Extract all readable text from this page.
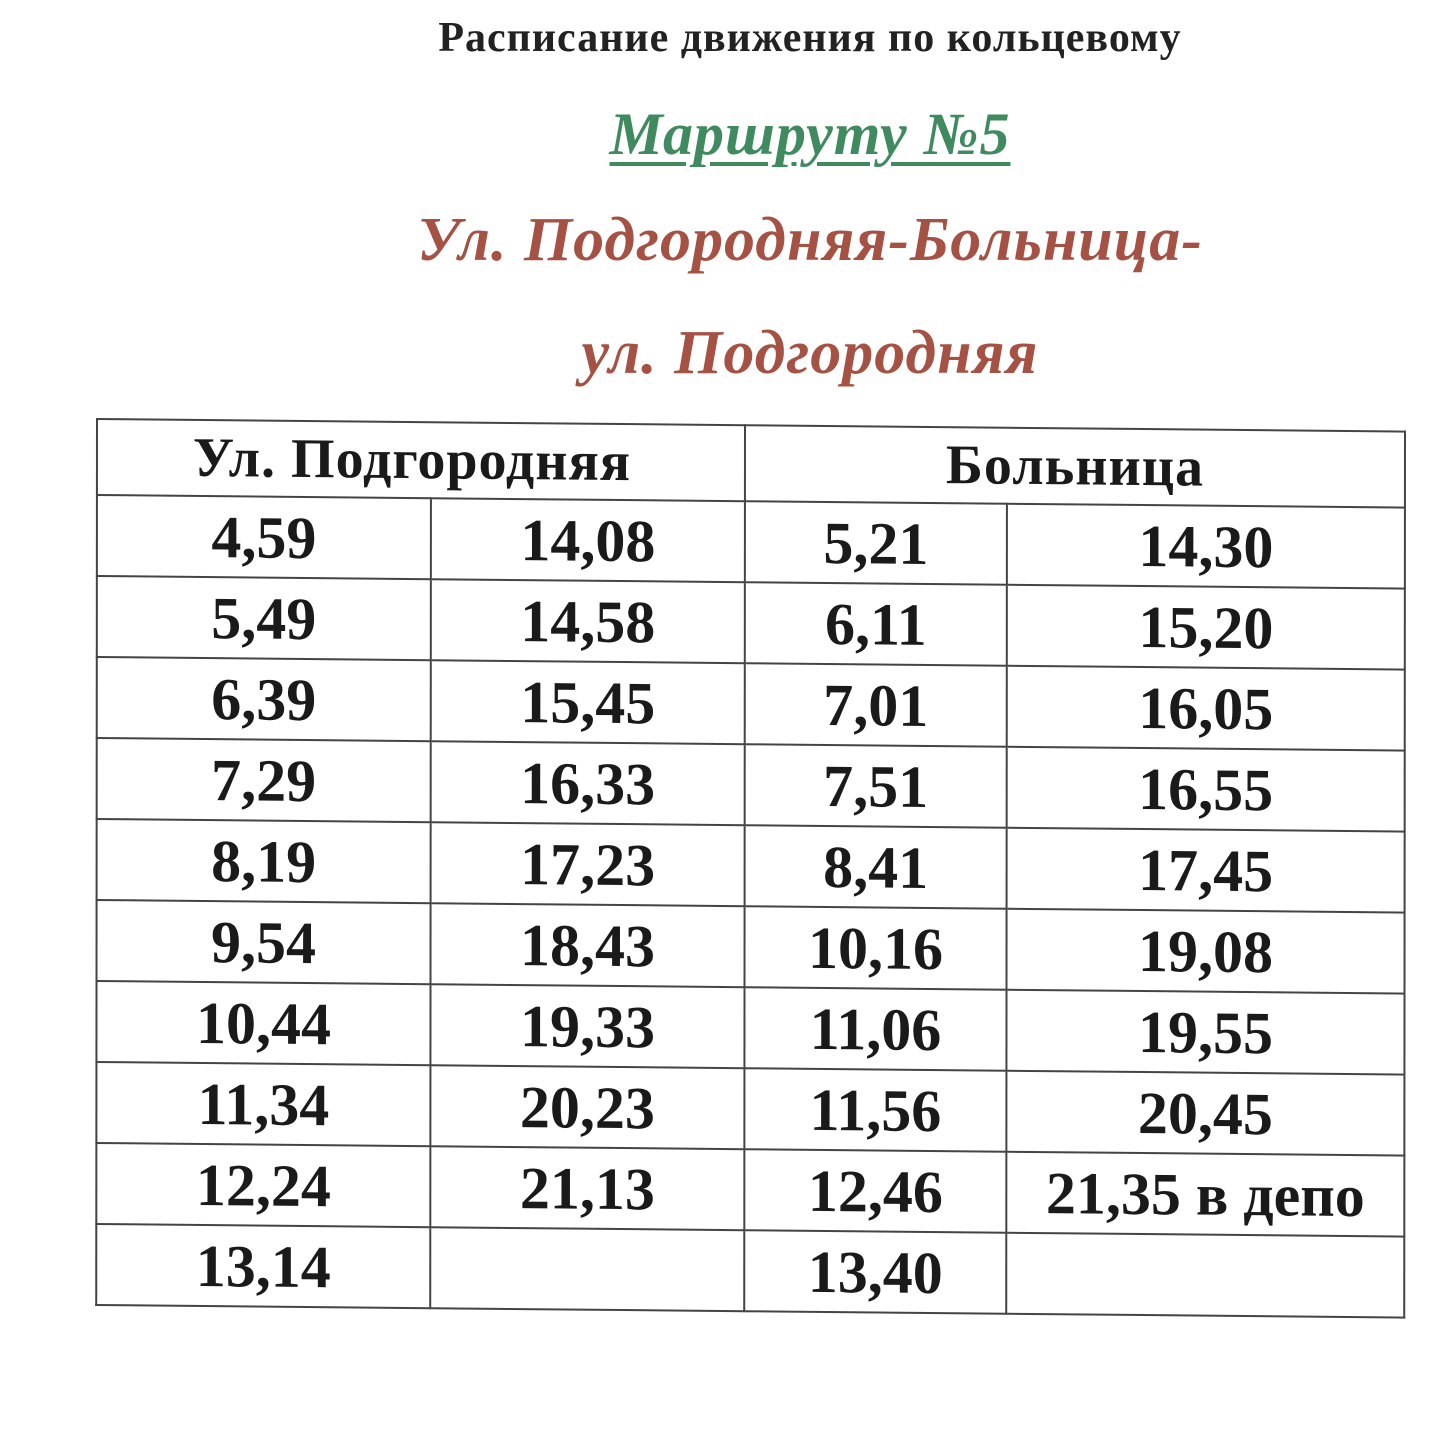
Расписание движения по кольцевому
Маршруту №5
Ул. Подгородняя-Больница-
ул. Подгородняя
Ул. Подгородняя		Больница	
4,59	14,08	5,21	14,30
5,49	14,58	6,11	15,20
6,39	15,45	7,01	16,05
7,29	16,33	7,51	16,55
8,19	17,23	8,41	17,45
9,54	18,43	10,16	19,08
10,44	19,33	11,06	19,55
11,34	20,23	11,56	20,45
12,24	21,13	12,46	21,35 в депо
13,14		13,40	
